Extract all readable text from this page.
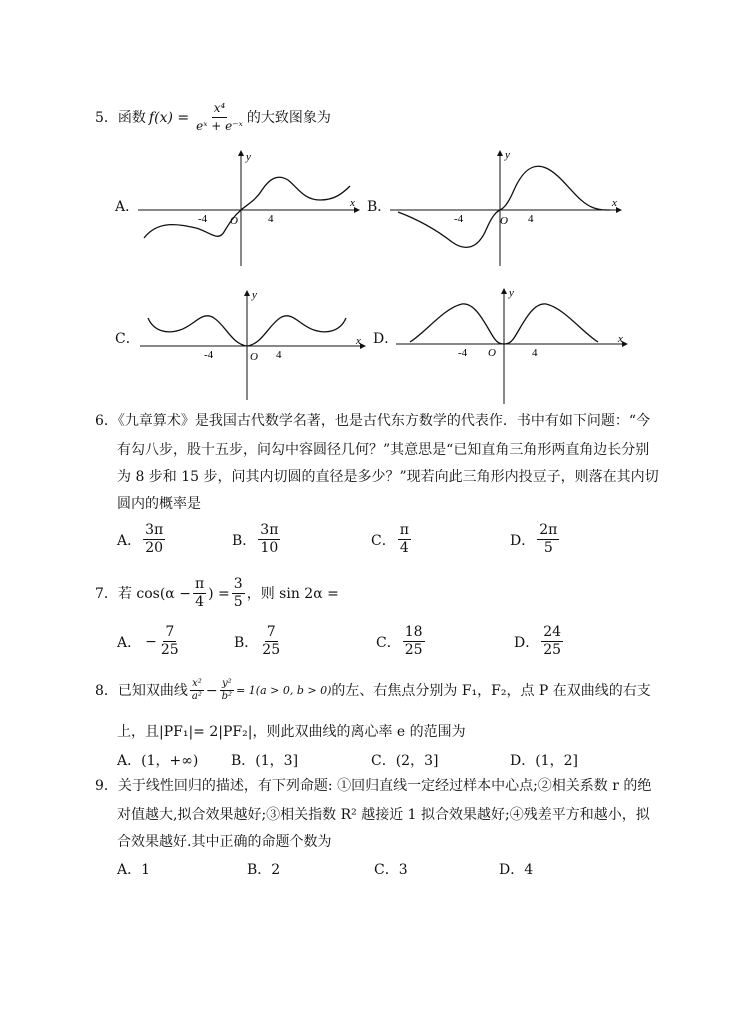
5． 函数 $f(x) = \frac{\text{x⁴}}{\text{eˣ + e⁻ˣ}}$ 的大致图象为
A．
y
x
-4 O	4
B．
y
x
-4	O 4
C．
y
x
-4	O 4
D．
y
x
-4 O	4
6．《九章算术》是我国古代数学名著，也是古代东方数学的代表作．书中有如下问题：“今
有勾八步，股十五步，问勾中容圆径几何？”其意思是“已知直角三角形两直角边长分别
为 8 步和 15 步，问其内切圆的直径是多少？”现若向此三角形内投豆子，则落在其内切
圆内的概率是
A． $\frac{3\pi}{20}$	B． $\frac{3\pi}{10}$	C． $\frac{\pi}{4}$	D． $\frac{2\pi}{5}$
7． 若 $\cos(\alpha - \frac{\pi}{4}$ ) = $\frac{3}{5}$ ，则 sin 2α =
A． − $\frac{7}{25}$	B． $\frac{7}{25}$	C． $\frac{18}{25}$	D． $\frac{24}{25}$
8． 已知双曲线 $\frac{\text{x²}}{\text{a²}} - \frac{\text{y²}}{\text{b²}} = 1(a > 0$, b > 0) 的左、右焦点分别为 F₁，F₂，点 P 在双曲线的右支
上，且|PF₁|= 2|PF₂|，则此双曲线的离心率 e 的范围为
A．(1，+∞) B．(1，3]	C．(2，3]	D．(1，2]
9．关于线性回归的描述，有下列命题: ①回归直线一定经过样本中心点;②相关系数 r 的绝
对值越大,拟合效果越好;③相关指数 R² 越接近 1 拟合效果越好;④残差平方和越小，拟
合效果越好.其中正确的命题个数为
A．1	B．2	C．3	D．4
